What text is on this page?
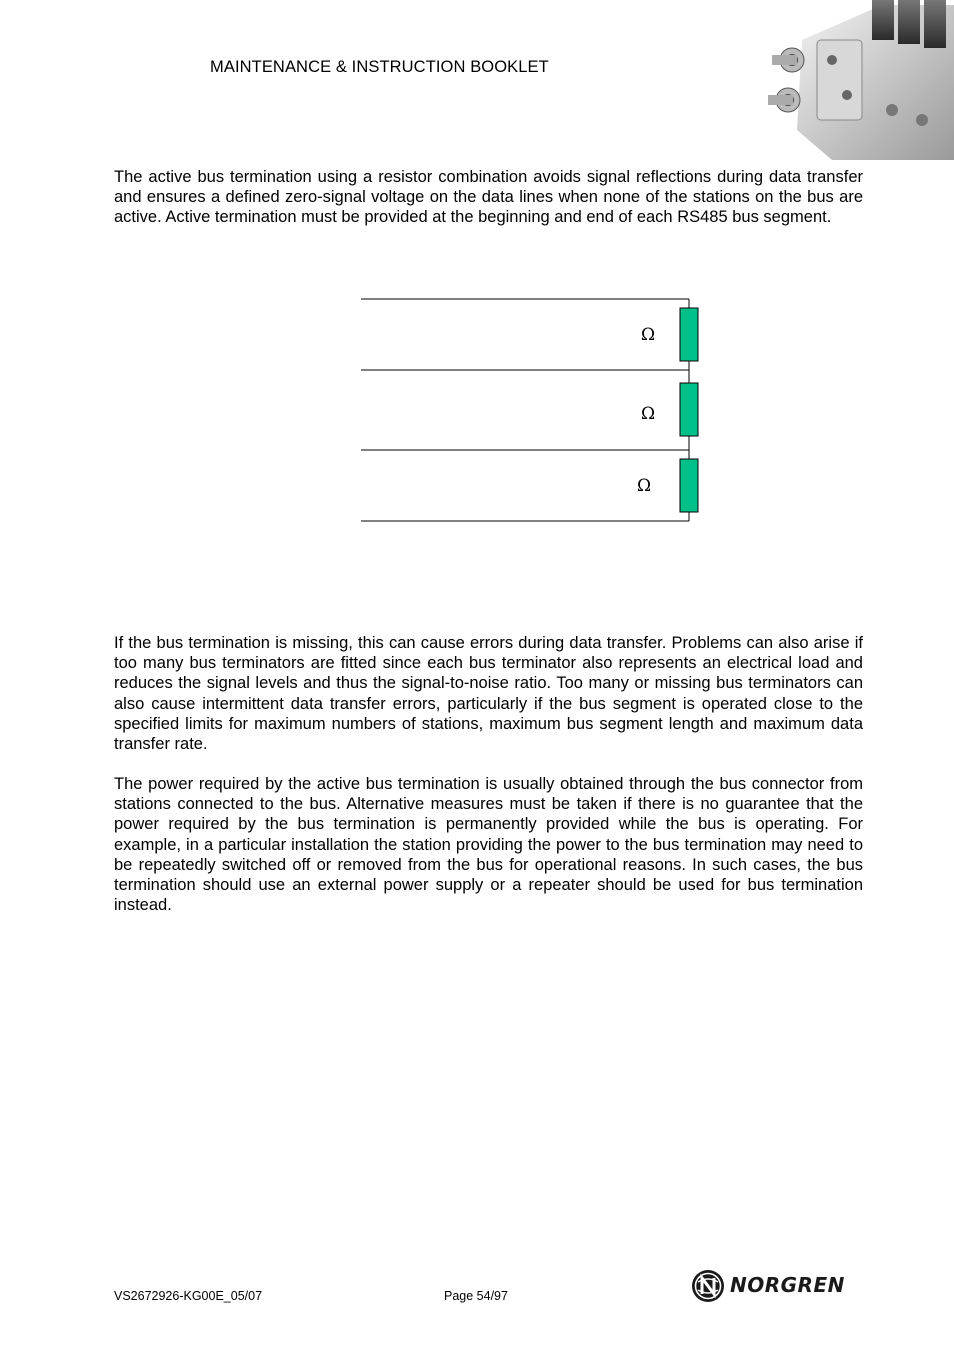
MAINTENANCE & INSTRUCTION BOOKLET

The active bus termination using a resistor combination avoids signal reflections during data transfer and ensures a defined zero-signal voltage on the data lines when none of the stations on the bus are active. Active termination must be provided at the beginning and end of each RS485 bus segment.

Ω
Ω
Ω

If the bus termination is missing, this can cause errors during data transfer. Problems can also arise if too many bus terminators are fitted since each bus terminator also represents an electrical load and reduces the signal levels and thus the signal-to-noise ratio. Too many or missing bus terminators can also cause intermittent data transfer errors, particularly if the bus segment is operated close to the specified limits for maximum numbers of stations, maximum bus segment length and maximum data transfer rate.

The power required by the active bus termination is usually obtained through the bus connector from stations connected to the bus. Alternative measures must be taken if there is no guarantee that the power required by the bus termination is permanently provided while the bus is operating. For example, in a particular installation the station providing the power to the bus termination may need to be repeatedly switched off or removed from the bus for operational reasons. In such cases, the bus termination should use an external power supply or a repeater should be used for bus termination instead.

VS2672926-KG00E_05/07	Page 54/97	NORGREN
